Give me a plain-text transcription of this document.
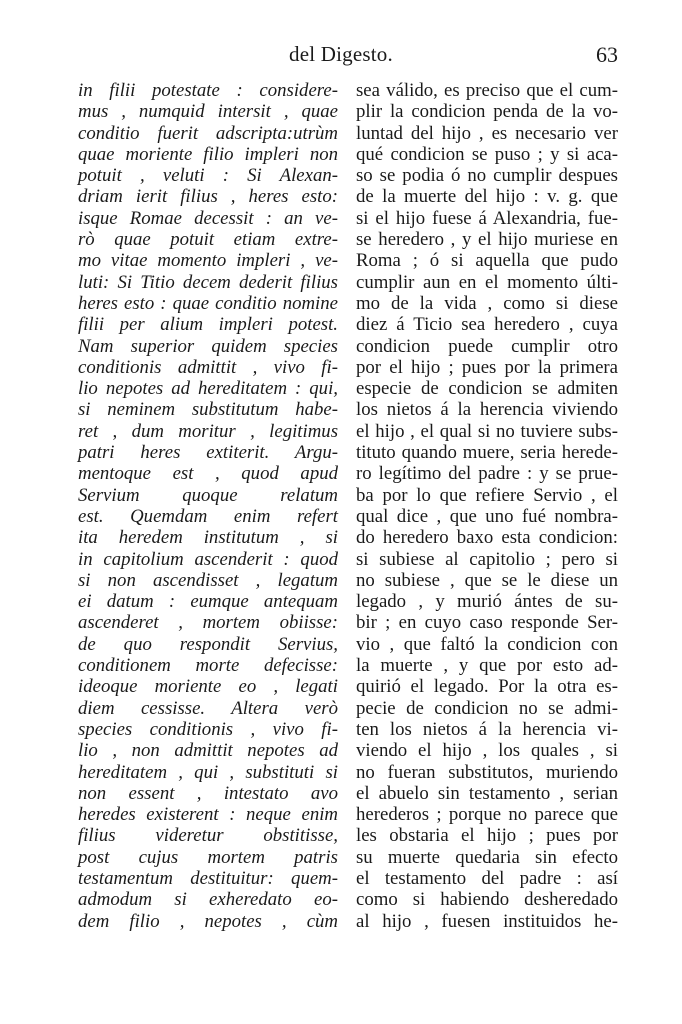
del Digesto.	63
in filii potestate : considere-
mus , numquid intersit , quae
conditio fuerit adscripta:utrùm
quae moriente filio impleri non
potuit , veluti : Si Alexan-
driam ierit filius , heres esto:
isque Romae decessit : an ve-
rò quae potuit etiam extre-
mo vitae momento impleri , ve-
luti: Si Titio decem dederit filius
heres esto : quae conditio nomine
filii per alium impleri potest.
Nam superior quidem species
conditionis admittit , vivo fi-
lio nepotes ad hereditatem : qui,
si neminem substitutum habe-
ret , dum moritur , legitimus
patri heres extiterit. Argu-
mentoque est , quod apud
Servium quoque relatum
est. Quemdam enim refert
ita heredem institutum , si
in capitolium ascenderit : quod
si non ascendisset , legatum
ei datum : eumque antequam
ascenderet , mortem obiisse:
de quo respondit Servius,
conditionem morte defecisse:
ideoque moriente eo , legati
diem cessisse. Altera verò
species conditionis , vivo fi-
lio , non admittit nepotes ad
hereditatem , qui , substituti si
non essent , intestato avo
heredes existerent : neque enim
filius videretur obstitisse,
post cujus mortem patris
testamentum destituitur: quem-
admodum si exheredato eo-
dem filio , nepotes , cùm
sea válido, es preciso que el cum-
plir la condicion penda de la vo-
luntad del hijo , es necesario ver
qué condicion se puso ; y si aca-
so se podia ó no cumplir despues
de la muerte del hijo : v. g. que
si el hijo fuese á Alexandria, fue-
se heredero , y el hijo muriese en
Roma ; ó si aquella que pudo
cumplir aun en el momento últi-
mo de la vida , como si diese
diez á Ticio sea heredero , cuya
condicion puede cumplir otro
por el hijo ; pues por la primera
especie de condicion se admiten
los nietos á la herencia viviendo
el hijo , el qual si no tuviere subs-
tituto quando muere, seria herede-
ro legítimo del padre : y se prue-
ba por lo que refiere Servio , el
qual dice , que uno fué nombra-
do heredero baxo esta condicion:
si subiese al capitolio ; pero si
no subiese , que se le diese un
legado , y murió ántes de su-
bir ; en cuyo caso responde Ser-
vio , que faltó la condicion con
la muerte , y que por esto ad-
quirió el legado. Por la otra es-
pecie de condicion no se admi-
ten los nietos á la herencia vi-
viendo el hijo , los quales , si
no fueran substitutos, muriendo
el abuelo sin testamento , serian
herederos ; porque no parece que
les obstaria el hijo ; pues por
su muerte quedaria sin efecto
el testamento del padre : así
como si habiendo desheredado
al hijo , fuesen instituidos he-
